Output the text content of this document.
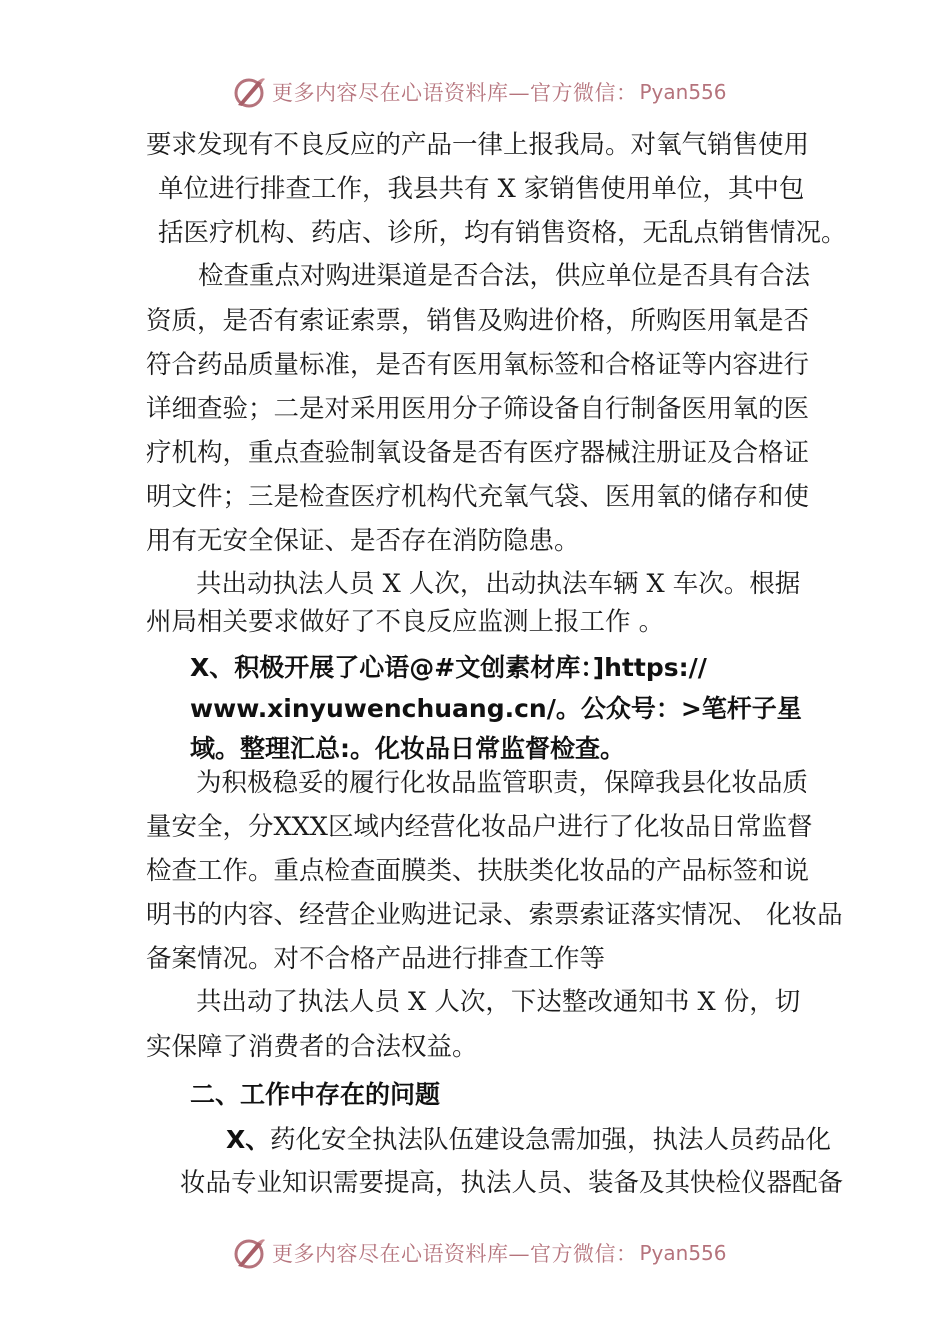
更多内容尽在心语资料库—官方微信： Pyan556
要求发现有不良反应的产品一律上报我局。对氧气销售使用
单位进行排查工作，我县共有 X 家销售使用单位，其中包
括医疗机构、药店、诊所，均有销售资格，无乱点销售情况。
检查重点对购进渠道是否合法，供应单位是否具有合法
资质，是否有索证索票，销售及购进价格，所购医用氧是否
符合药品质量标准，是否有医用氧标签和合格证等内容进行
详细查验；二是对采用医用分子筛设备自行制备医用氧的医
疗机构，重点查验制氧设备是否有医疗器械注册证及合格证
明文件；三是检查医疗机构代充氧气袋、医用氧的储存和使
用有无安全保证、是否存在消防隐患。
共出动执法人员 X 人次，出动执法车辆 X 车次。根据
州局相关要求做好了不良反应监测上报工作 。
X、积极开展了心语@#文创素材库：]https://
www.xinyuwenchuang.cn/。公众号：>笔杆子星
域。整理汇总:。化妆品日常监督检查。
为积极稳妥的履行化妆品监管职责，保障我县化妆品质
量安全，分XXX区域内经营化妆品户进行了化妆品日常监督
检查工作。重点检查面膜类、扶肤类化妆品的产品标签和说
明书的内容、经营企业购进记录、索票索证落实情况、 化妆品
备案情况。对不合格产品进行排查工作等
共出动了执法人员 X 人次，下达整改通知书 X 份，切
实保障了消费者的合法权益。
二、工作中存在的问题
X、 药化安全执法队伍建设急需加强，执法人员药品化
妆品专业知识需要提高，执法人员、装备及其快检仪器配备
更多内容尽在心语资料库—官方微信： Pyan556
